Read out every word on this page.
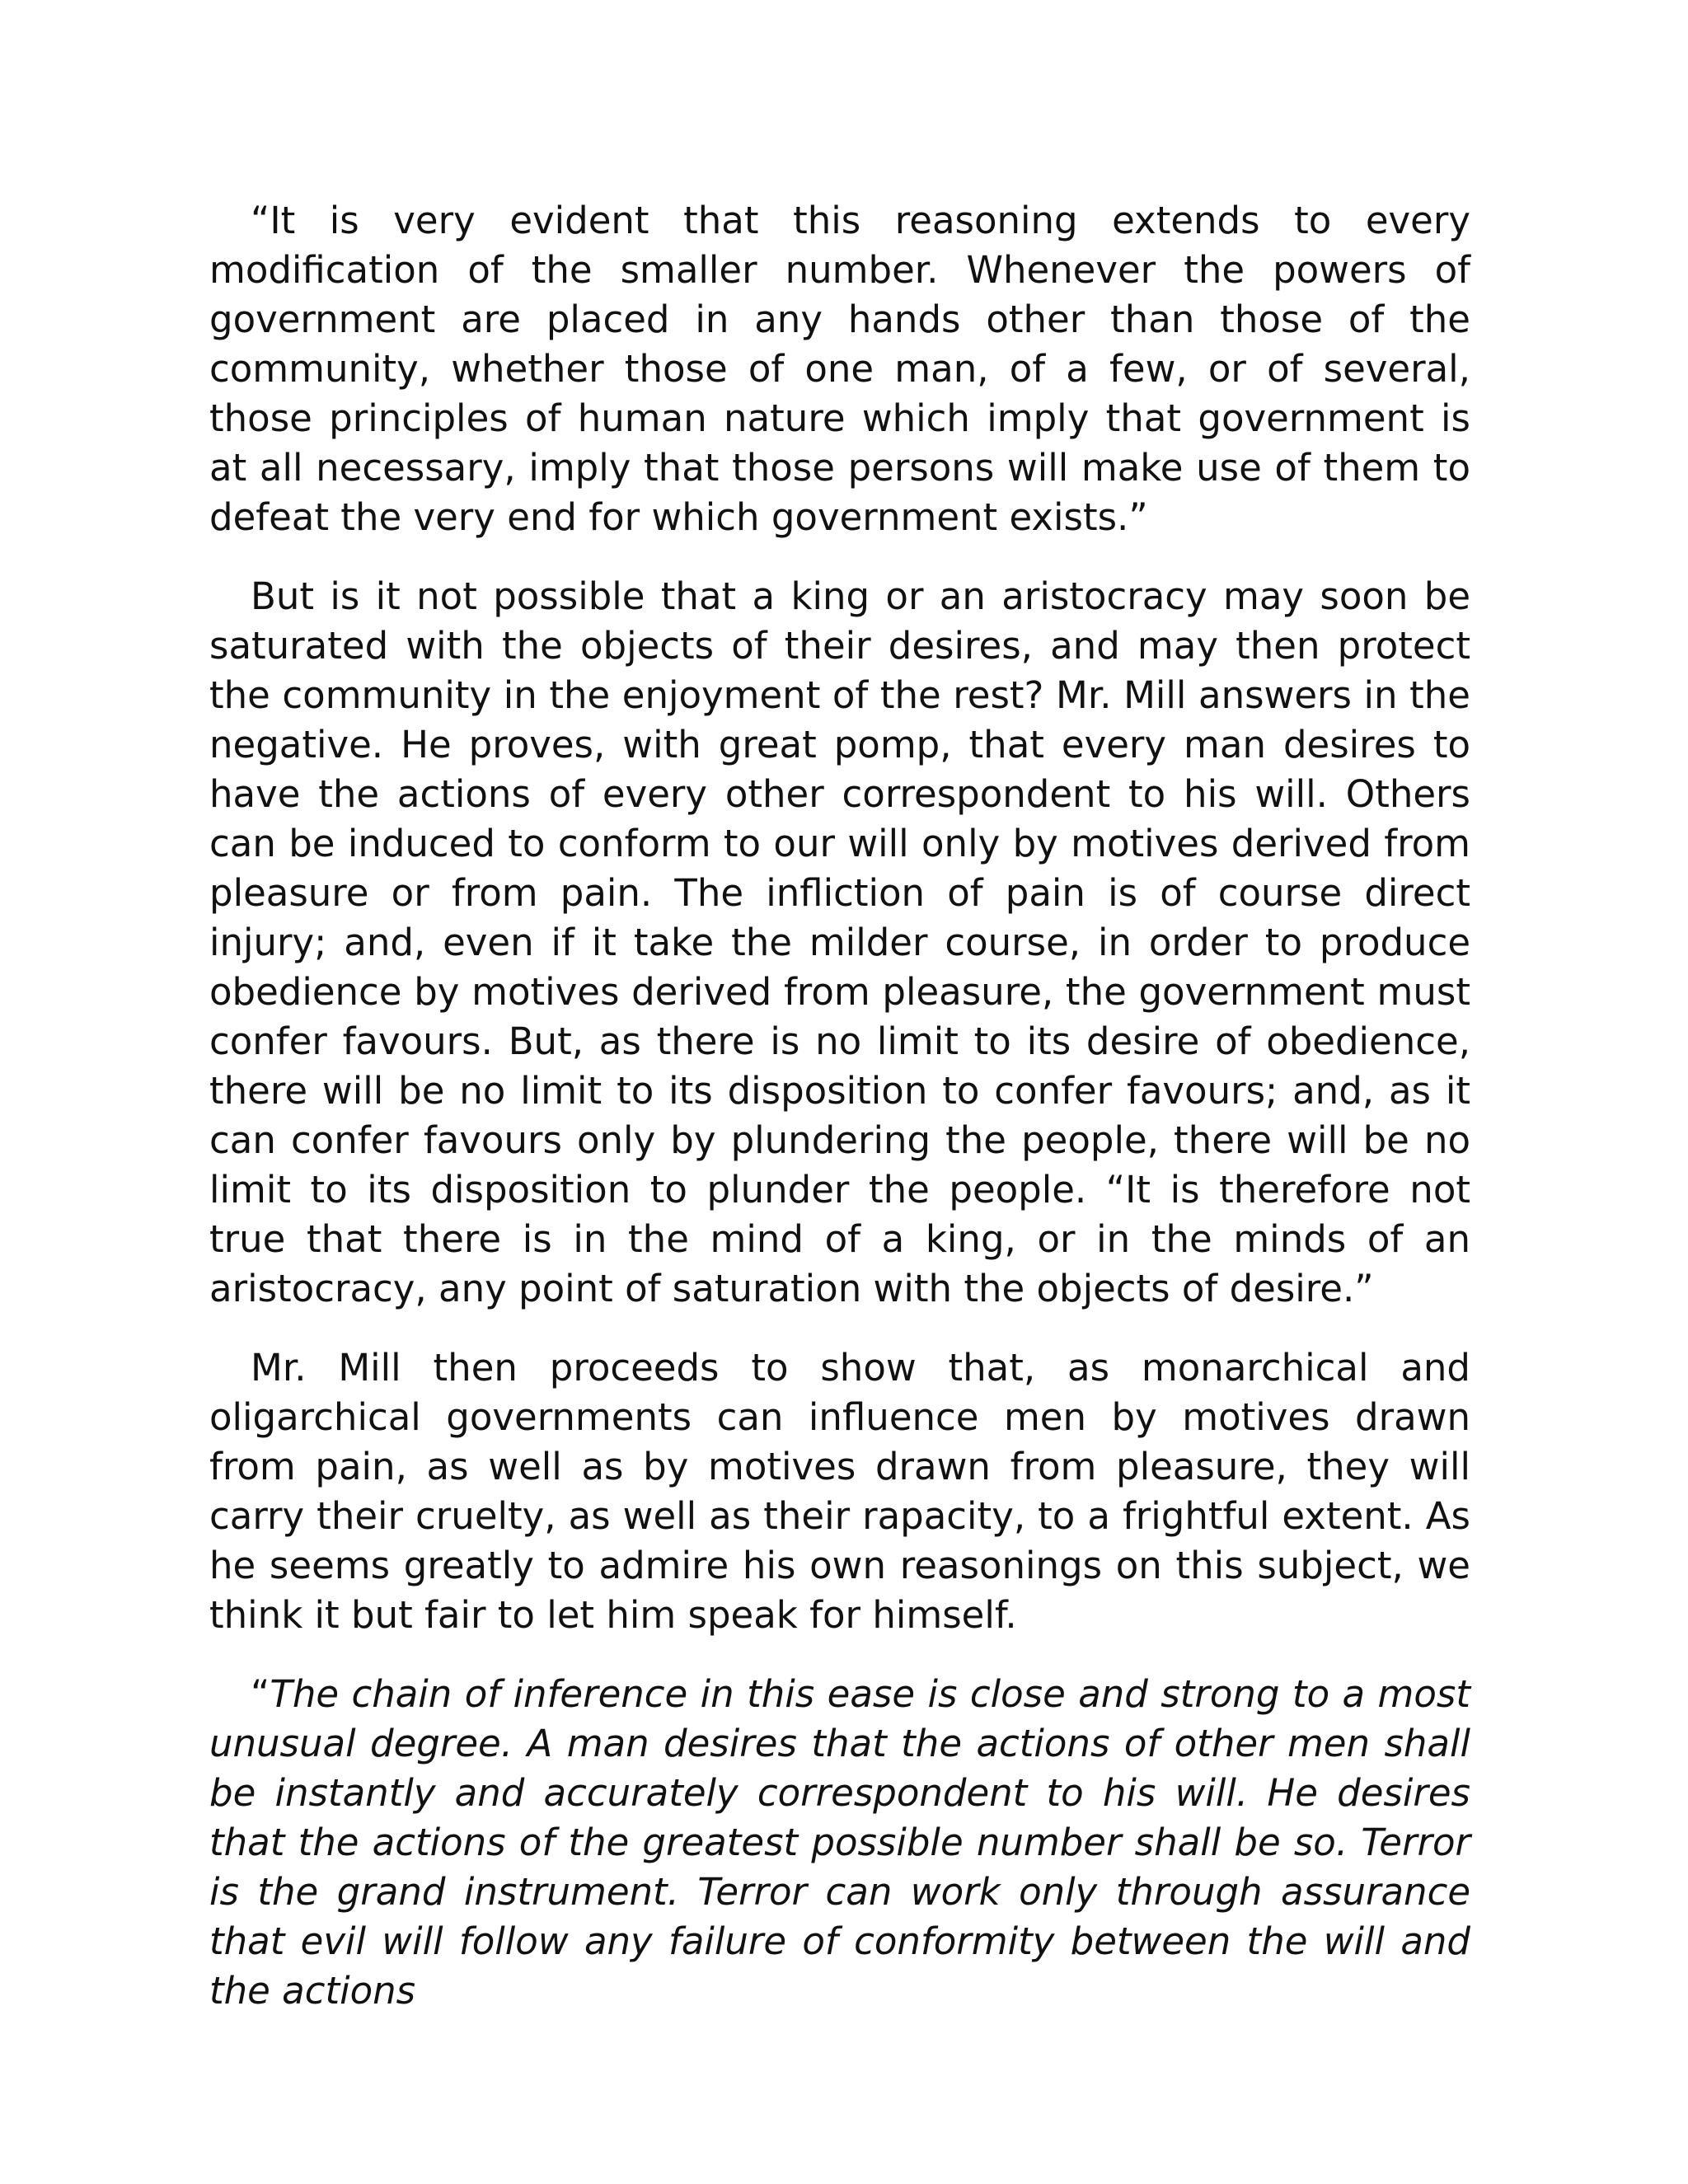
“It is very evident that this reasoning extends to every modification of the smaller number. Whenever the powers of government are placed in any hands other than those of the community, whether those of one man, of a few, or of several, those principles of human nature which imply that government is at all necessary, imply that those persons will make use of them to defeat the very end for which government exists.”

But is it not possible that a king or an aristocracy may soon be saturated with the objects of their desires, and may then protect the community in the enjoyment of the rest? Mr. Mill answers in the negative. He proves, with great pomp, that every man desires to have the actions of every other correspondent to his will. Others can be induced to conform to our will only by motives derived from pleasure or from pain. The infliction of pain is of course direct injury; and, even if it take the milder course, in order to produce obedience by motives derived from pleasure, the government must confer favours. But, as there is no limit to its desire of obedience, there will be no limit to its disposition to confer favours; and, as it can confer favours only by plundering the people, there will be no limit to its disposition to plunder the people. “It is therefore not true that there is in the mind of a king, or in the minds of an aristocracy, any point of saturation with the objects of desire.”

Mr. Mill then proceeds to show that, as monarchical and oligarchical governments can influence men by motives drawn from pain, as well as by motives drawn from pleasure, they will carry their cruelty, as well as their rapacity, to a frightful extent. As he seems greatly to admire his own reasonings on this subject, we think it but fair to let him speak for himself.

“The chain of inference in this ease is close and strong to a most unusual degree. A man desires that the actions of other men shall be instantly and accurately correspondent to his will. He desires that the actions of the greatest possible number shall be so. Terror is the grand instrument. Terror can work only through assurance that evil will follow any failure of conformity between the will and the actions
